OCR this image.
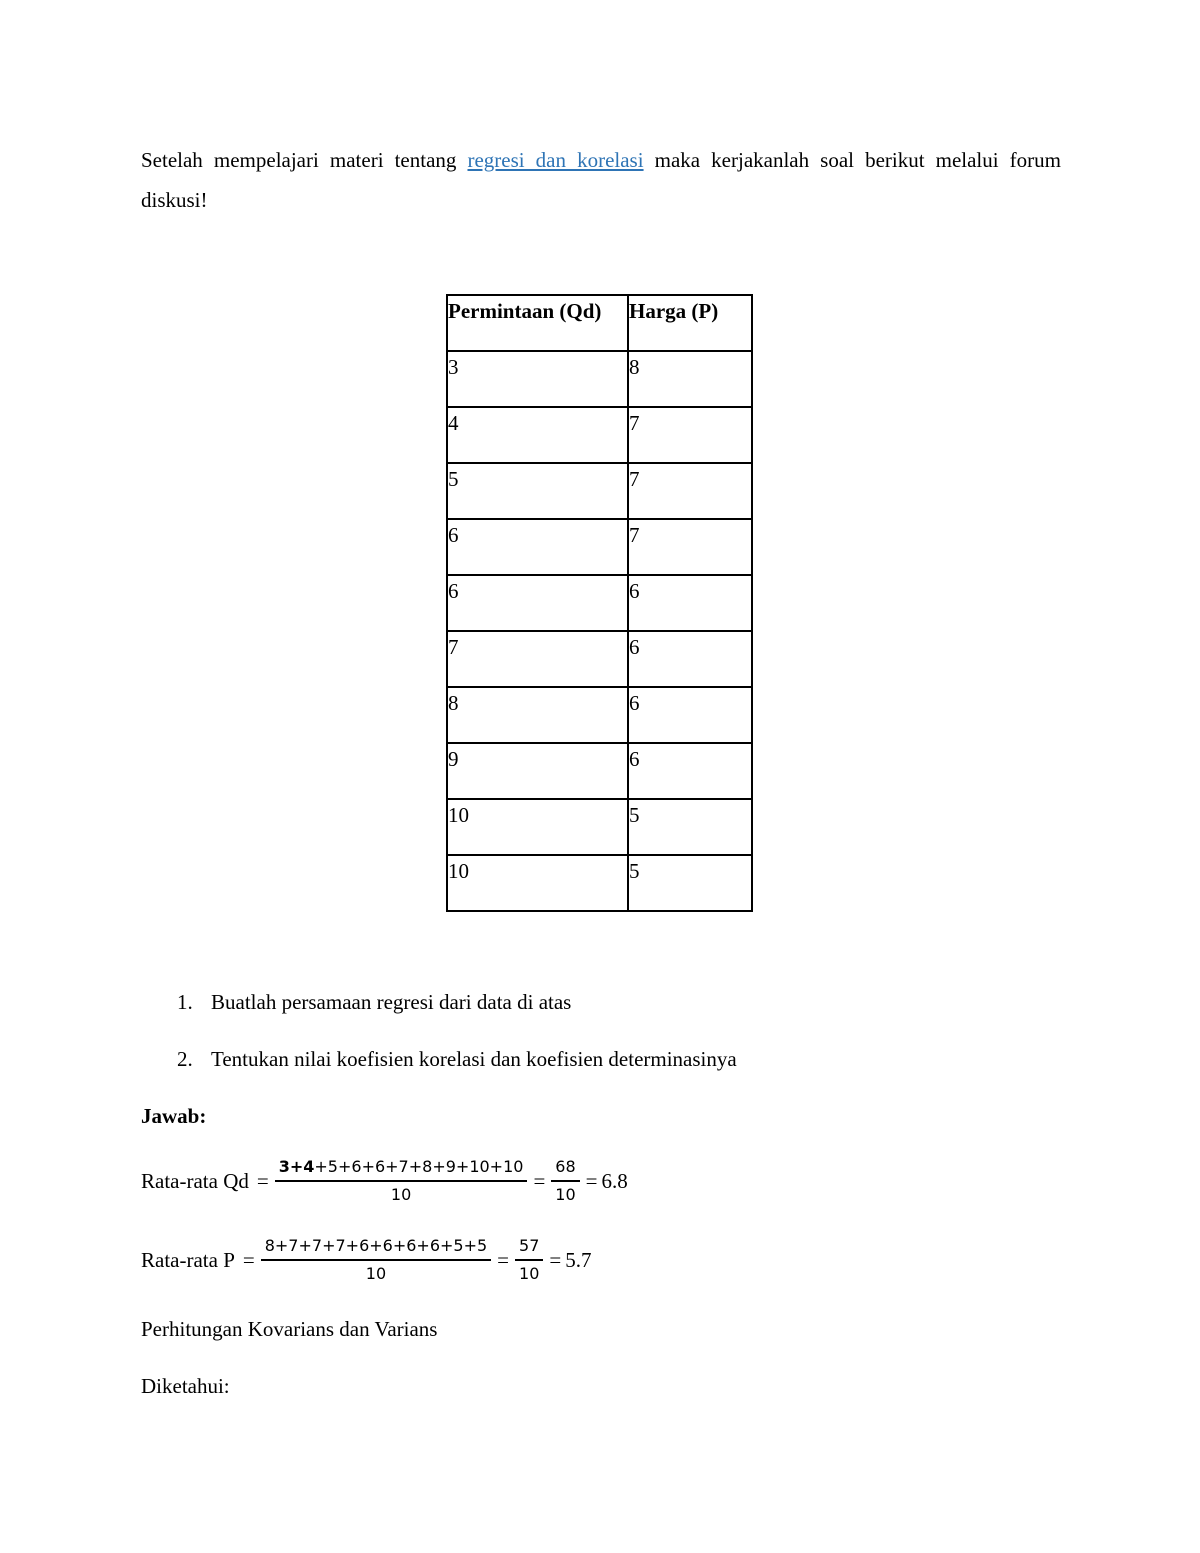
Setelah mempelajari materi tentang regresi dan korelasi maka kerjakanlah soal berikut melalui forum diskusi!

Permintaan (Qd)	Harga (P)
3	8
4	7
5	7
6	7
6	6
7	6
8	6
9	6
10	5
10	5
1. Buatlah persamaan regresi dari data di atas
2. Tentukan nilai koefisien korelasi dan koefisien determinasinya
Jawab:
Rata-rata $Qd = \frac{3+4+5+6+6+7+8+9+10+10}{10} = \frac{68}{10} = 6.8$
Rata-rata $P = \frac{8+7+7+7+6+6+6+6+5+5}{10} = \frac{57}{10} = 5.7$
Perhitungan Kovarians dan Varians
Diketahui:
